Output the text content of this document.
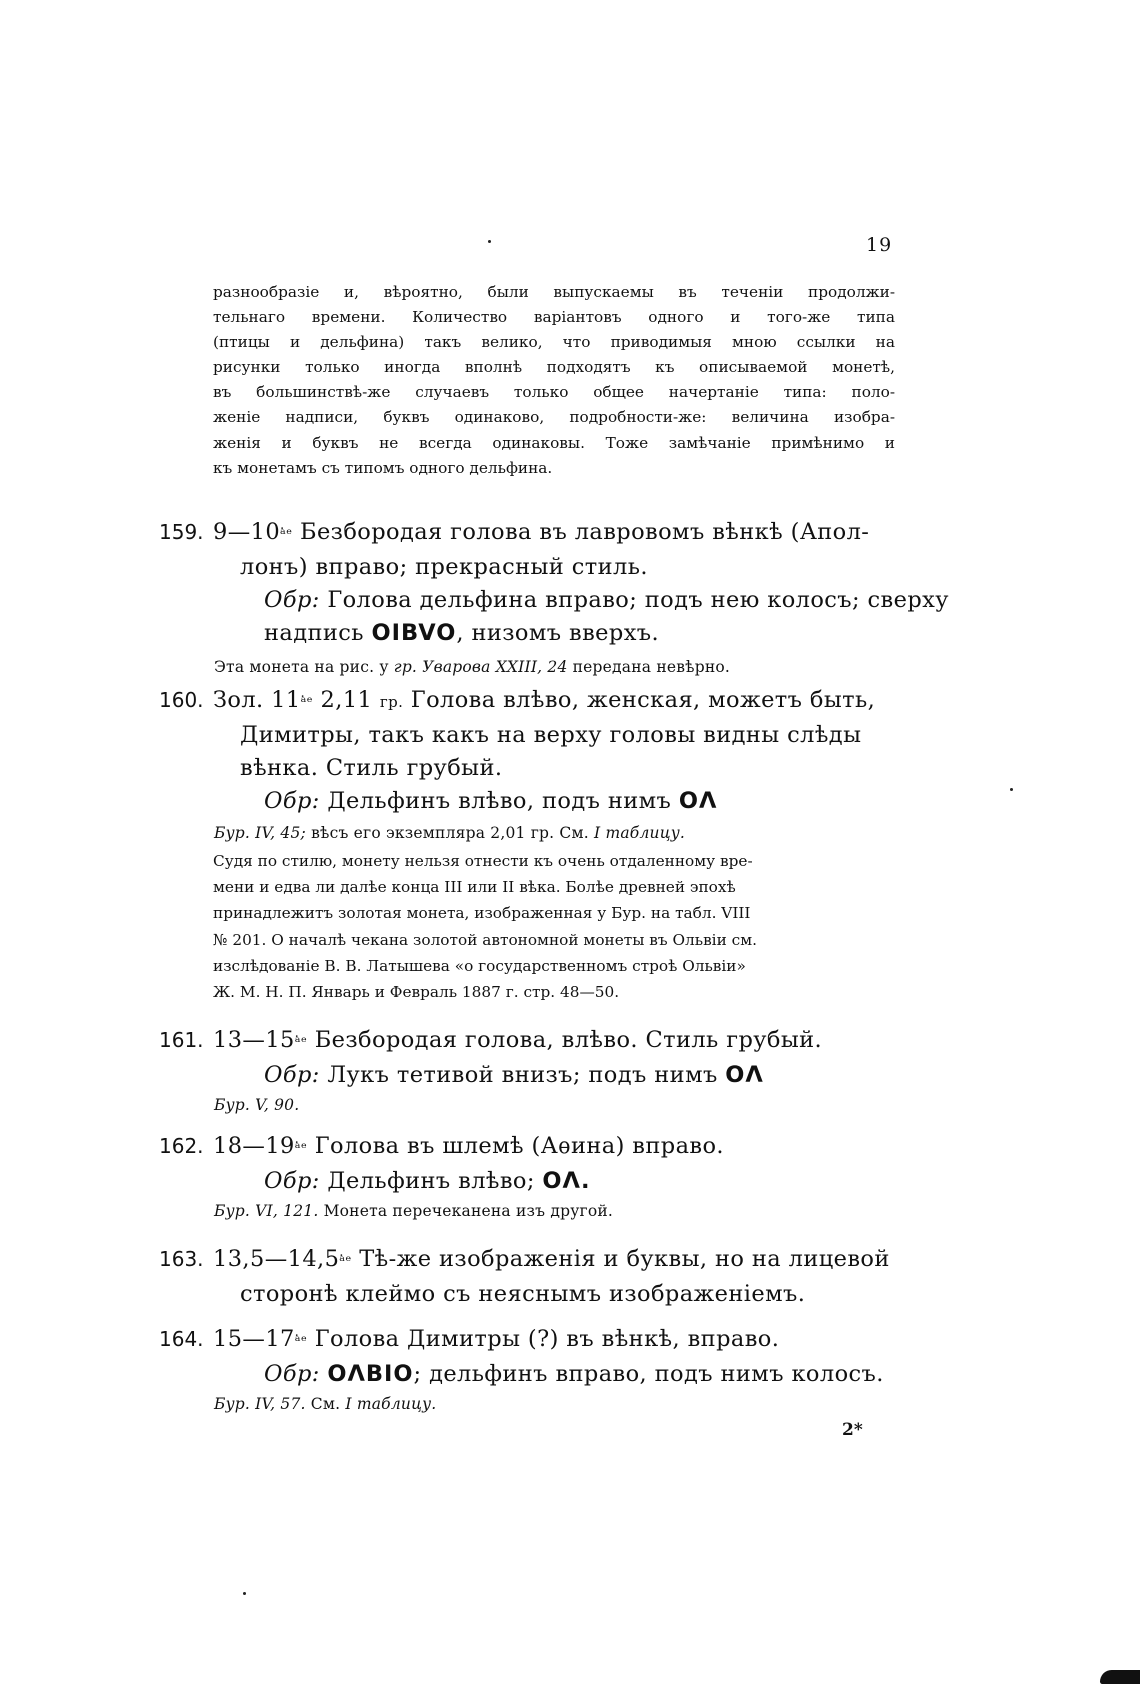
19
разнообразіе и, вѣроятно, были выпускаемы въ теченіи продолжи-
тельнаго времени. Количество варіантовъ одного и того-же типа
(птицы и дельфина) такъ велико, что приводимыя мною ссылки на
рисунки только иногда вполнѣ подходятъ къ описываемой монетѣ,
въ большинствѣ-же случаевъ только общее начертаніе типа: поло-
женіе надписи, буквъ одинаково, подробности-же: величина изобра-
женія и буквъ не всегда одинаковы. Тоже замѣчаніе примѣнимо и
къ монетамъ съ типомъ одного дельфина.
159. 9—10ᵃ̇ᵉ Безбородая голова въ лавровомъ вѣнкѣ (Апол-
лонъ) вправо; прекрасный стиль.
Обр: Голова дельфина вправо; подъ нею колосъ; сверху
надпись OIBVO, низомъ вверхъ.
Эта монета на рис. у гр. Уварова XXIII, 24 передана невѣрно.
160. Зол. 11ᵃ̇ᵉ 2,11 гр. Голова влѣво, женская, можетъ быть,
Димитры, такъ какъ на верху головы видны слѣды
вѣнка. Стиль грубый.
Обр: Дельфинъ влѣво, подъ нимъ OΛ
Бур. IV, 45; вѣсъ его экземпляра 2,01 гр. См. I таблицу.
Судя по стилю, монету нельзя отнести къ очень отдаленному вре-
мени и едва ли далѣе конца III или II вѣка. Болѣе древней эпохѣ
принадлежитъ золотая монета, изображенная у Бур. на табл. VIII
№ 201. О началѣ чекана золотой автономной монеты въ Ольвіи см.
изслѣдованіе В. В. Латышева «о государственномъ строѣ Ольвіи»
Ж. М. Н. П. Январь и Февраль 1887 г. стр. 48—50.
161. 13—15ᵃ̇ᵉ Безбородая голова, влѣво. Стиль грубый.
Обр: Лукъ тетивой внизъ; подъ нимъ OΛ
Бур. V, 90.
162. 18—19ᵃ̇ᵉ Голова въ шлемѣ (Аѳина) вправо.
Обр: Дельфинъ влѣво; OΛ.
Бур. VI, 121. Монета перечеканена изъ другой.
163. 13,5—14,5ᵃ̇ᵉ Тѣ-же изображенія и буквы, но на лицевой
сторонѣ клеймо съ неяснымъ изображеніемъ.
164. 15—17ᵃ̇ᵉ Голова Димитры (?) въ вѣнкѣ, вправо.
Обр: OΛBIO; дельфинъ вправо, подъ нимъ колосъ.
Бур. IV, 57. См. I таблицу.
2*
